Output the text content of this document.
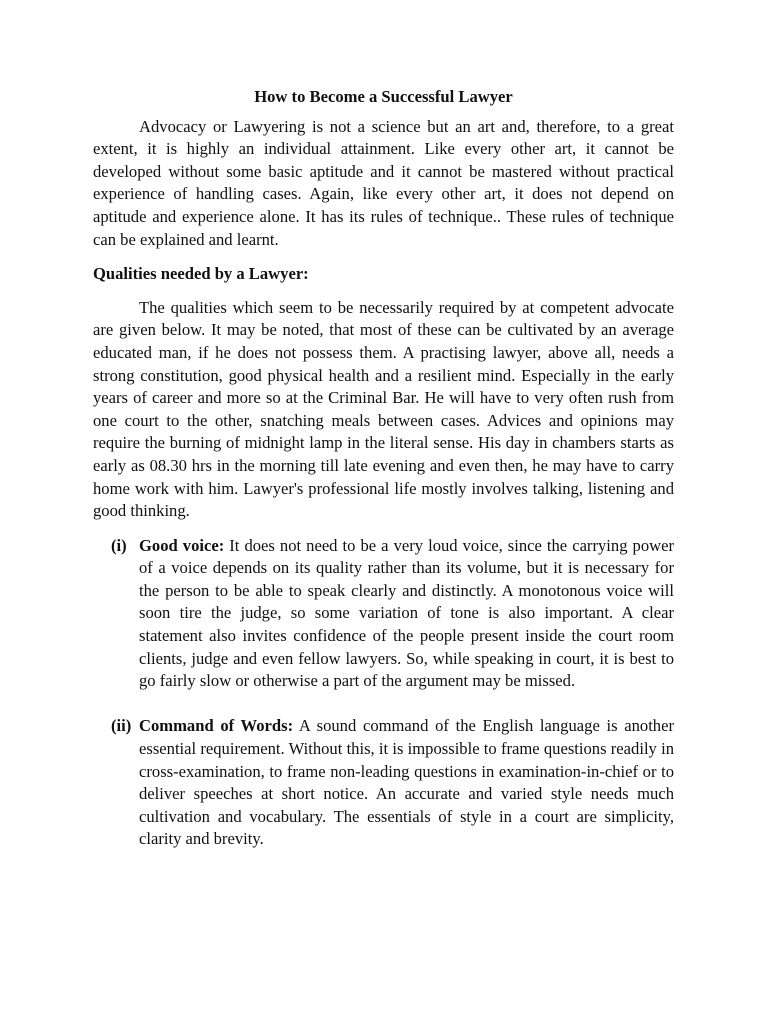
How to Become a Successful Lawyer

Advocacy or Lawyering is not a science but an art and, therefore, to a great extent, it is highly an individual attainment. Like every other art, it cannot be developed without some basic aptitude and it cannot be mastered without practical experience of handling cases. Again, like every other art, it does not depend on aptitude and experience alone. It has its rules of technique.. These rules of technique can be explained and learnt.

Qualities needed by a Lawyer:

The qualities which seem to be necessarily required by at competent advocate are given below. It may be noted, that most of these can be cultivated by an average educated man, if he does not possess them. A practising lawyer, above all, needs a strong constitution, good physical health and a resilient mind. Especially in the early years of career and more so at the Criminal Bar. He will have to very often rush from one court to the other, snatching meals between cases. Advices and opinions may require the burning of midnight lamp in the literal sense. His day in chambers starts as early as 08.30 hrs in the morning till late evening and even then, he may have to carry home work with him. Lawyer's professional life mostly involves talking, listening and good thinking.

(i) Good voice: It does not need to be a very loud voice, since the carrying power of a voice depends on its quality rather than its volume, but it is necessary for the person to be able to speak clearly and distinctly. A monotonous voice will soon tire the judge, so some variation of tone is also important. A clear statement also invites confidence of the people present inside the court room clients, judge and even fellow lawyers. So, while speaking in court, it is best to go fairly slow or otherwise a part of the argument may be missed.
(ii) Command of Words: A sound command of the English language is another essential requirement. Without this, it is impossible to frame questions readily in cross-examination, to frame non-leading questions in examination-in-chief or to deliver speeches at short notice. An accurate and varied style needs much cultivation and vocabulary. The essentials of style in a court are simplicity, clarity and brevity.
